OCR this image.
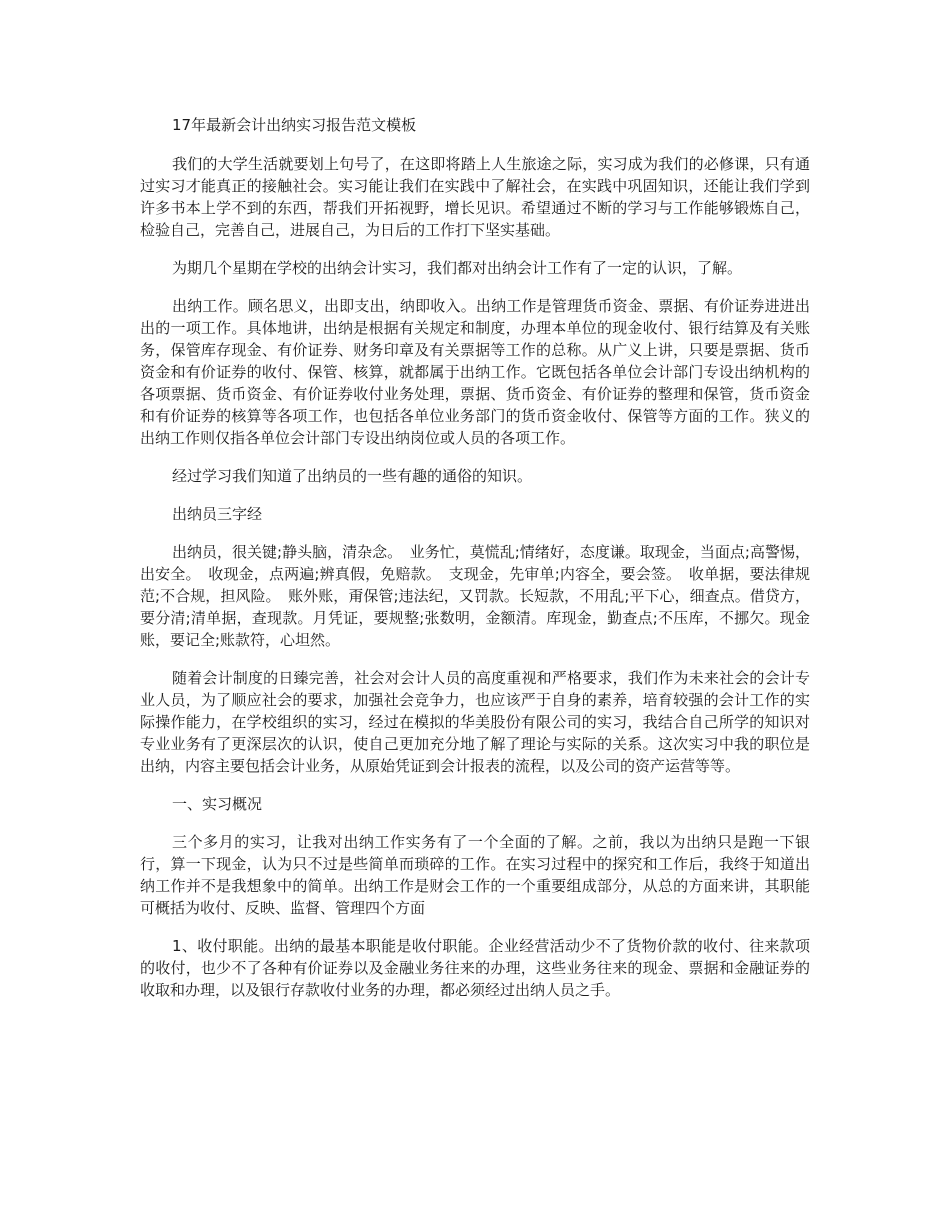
17年最新会计出纳实习报告范文模板

我们的大学生活就要划上句号了，在这即将踏上人生旅途之际，实习成为我们的必修课，只有通过实习才能真正的接触社会。实习能让我们在实践中了解社会，在实践中巩固知识，还能让我们学到许多书本上学不到的东西，帮我们开拓视野，增长见识。希望通过不断的学习与工作能够锻炼自己，检验自己，完善自己，进展自己，为日后的工作打下坚实基础。

为期几个星期在学校的出纳会计实习，我们都对出纳会计工作有了一定的认识，了解。

出纳工作。顾名思义，出即支出，纳即收入。出纳工作是管理货币资金、票据、有价证券进进出出的一项工作。具体地讲，出纳是根据有关规定和制度，办理本单位的现金收付、银行结算及有关账务，保管库存现金、有价证券、财务印章及有关票据等工作的总称。从广义上讲，只要是票据、货币资金和有价证券的收付、保管、核算，就都属于出纳工作。它既包括各单位会计部门专设出纳机构的各项票据、货币资金、有价证券收付业务处理，票据、货币资金、有价证券的整理和保管，货币资金和有价证券的核算等各项工作，也包括各单位业务部门的货币资金收付、保管等方面的工作。狭义的出纳工作则仅指各单位会计部门专设出纳岗位或人员的各项工作。

经过学习我们知道了出纳员的一些有趣的通俗的知识。

出纳员三字经

出纳员，很关键;静头脑，清杂念。　业务忙，莫慌乱;情绪好，态度谦。取现金，当面点;高警惕，出安全。　收现金，点两遍;辨真假，免赔款。　支现金，先审单;内容全，要会签。　收单据，要法律规范;不合规，担风险。　账外账，甭保管;违法纪，又罚款。长短款，不用乱;平下心，细查点。借贷方，要分清;清单据，查现款。月凭证，要规整;张数明，金额清。库现金，勤查点;不压库，不挪欠。现金账，要记全;账款符，心坦然。

随着会计制度的日臻完善，社会对会计人员的高度重视和严格要求，我们作为未来社会的会计专业人员，为了顺应社会的要求，加强社会竞争力，也应该严于自身的素养，培育较强的会计工作的实际操作能力，在学校组织的实习，经过在模拟的华美股份有限公司的实习，我结合自己所学的知识对专业业务有了更深层次的认识，使自己更加充分地了解了理论与实际的关系。这次实习中我的职位是出纳，内容主要包括会计业务，从原始凭证到会计报表的流程，以及公司的资产运营等等。

一、实习概况

三个多月的实习，让我对出纳工作实务有了一个全面的了解。之前，我以为出纳只是跑一下银行，算一下现金，认为只不过是些简单而琐碎的工作。在实习过程中的探究和工作后，我终于知道出纳工作并不是我想象中的简单。出纳工作是财会工作的一个重要组成部分，从总的方面来讲，其职能可概括为收付、反映、监督、管理四个方面

1、收付职能。出纳的最基本职能是收付职能。企业经营活动少不了货物价款的收付、往来款项的收付，也少不了各种有价证券以及金融业务往来的办理，这些业务往来的现金、票据和金融证券的收取和办理，以及银行存款收付业务的办理，都必须经过出纳人员之手。
